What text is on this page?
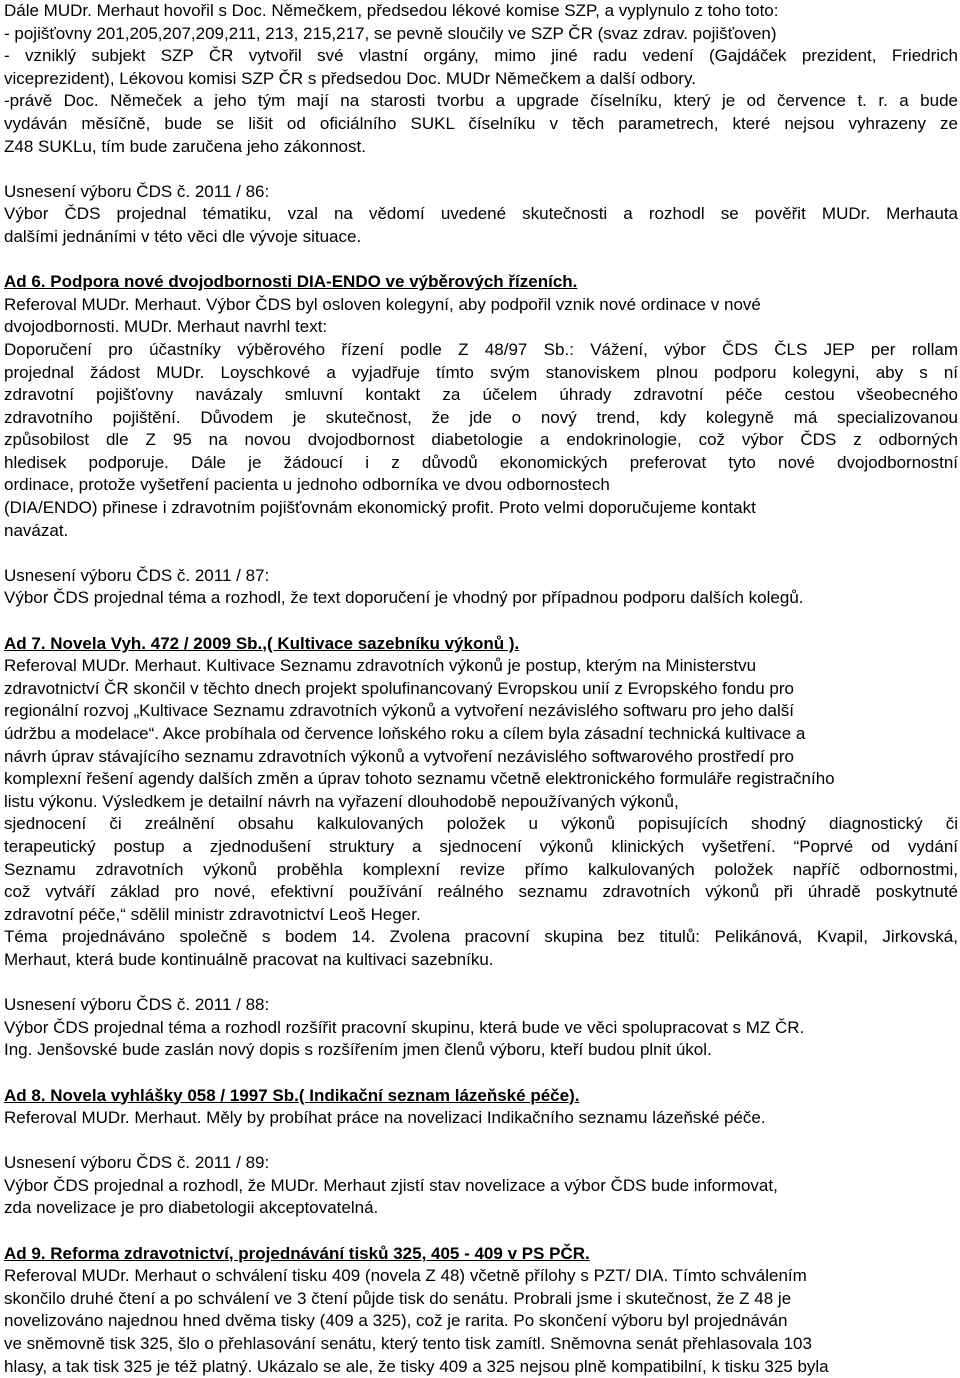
Dále MUDr. Merhaut hovořil s Doc. Němečkem, předsedou lékové komise SZP, a vyplynulo z toho toto:
- pojišťovny 201,205,207,209,211, 213, 215,217, se pevně sloučily ve SZP ČR (svaz zdrav. pojišťoven)
- vzniklý subjekt SZP ČR vytvořil své vlastní orgány, mimo jiné radu vedení (Gajdáček prezident, Friedrich
viceprezident), Lékovou komisi SZP ČR s předsedou Doc. MUDr Němečkem a další odbory.
-právě Doc. Němeček a jeho tým mají na starosti tvorbu a upgrade číselníku, který je od července t. r. a bude
vydáván měsíčně, bude se lišit od oficiálního SUKL číselníku v těch parametrech, které nejsou vyhrazeny ze
Z48 SUKLu, tím bude zaručena jeho zákonnost.
Usnesení výboru ČDS č. 2011 / 86:
Výbor ČDS projednal tématiku, vzal na vědomí uvedené skutečnosti a rozhodl se pověřit MUDr. Merhauta
dalšími jednáními v této věci dle vývoje situace.
Ad 6. Podpora nové dvojodbornosti DIA-ENDO ve výběrových řízeních.
Referoval MUDr. Merhaut. Výbor ČDS byl osloven kolegyní, aby podpořil vznik nové ordinace v nové
dvojodbornosti. MUDr. Merhaut navrhl text:
Doporučení pro účastníky výběrového řízení podle Z 48/97 Sb.: Vážení, výbor ČDS ČLS JEP per rollam
projednal žádost MUDr. Loyschkové a vyjadřuje tímto svým stanoviskem plnou podporu kolegyni, aby s ní
zdravotní pojišťovny navázaly smluvní kontakt za účelem úhrady zdravotní péče cestou všeobecného
zdravotního pojištění. Důvodem je skutečnost, že jde o nový trend, kdy kolegyně má specializovanou
způsobilost dle Z 95 na novou dvojodbornost diabetologie a endokrinologie, což výbor ČDS z odborných
hledisek podporuje. Dále je žádoucí i z důvodů ekonomických preferovat tyto nové dvojodbornostní
ordinace, protože vyšetření pacienta u jednoho odborníka ve dvou odbornostech
(DIA/ENDO) přinese i zdravotním pojišťovnám ekonomický profit. Proto velmi doporučujeme kontakt
navázat.
Usnesení výboru ČDS č. 2011 / 87:
Výbor ČDS projednal téma a rozhodl, že text doporučení je vhodný por případnou podporu dalších kolegů.
Ad 7. Novela Vyh. 472 / 2009 Sb.,( Kultivace sazebníku výkonů ).
Referoval MUDr. Merhaut. Kultivace Seznamu zdravotních výkonů je postup, kterým na Ministerstvu
zdravotnictví ČR skončil v těchto dnech projekt spolufinancovaný Evropskou unií z Evropského fondu pro
regionální rozvoj „Kultivace Seznamu zdravotních výkonů a vytvoření nezávislého softwaru pro jeho další
údržbu a modelace“. Akce probíhala od července loňského roku a cílem byla zásadní technická kultivace a
návrh úprav stávajícího seznamu zdravotních výkonů a vytvoření nezávislého softwarového prostředí pro
komplexní řešení agendy dalších změn a úprav tohoto seznamu včetně elektronického formuláře registračního
listu výkonu. Výsledkem je detailní návrh na vyřazení dlouhodobě nepoužívaných výkonů,
sjednocení či zreálnění obsahu kalkulovaných položek u výkonů popisujících shodný diagnostický či
terapeutický postup a zjednodušení struktury a sjednocení výkonů klinických vyšetření. “Poprvé od vydání
Seznamu zdravotních výkonů proběhla komplexní revize přímo kalkulovaných položek napříč odbornostmi,
což vytváří základ pro nové, efektivní používání reálného seznamu zdravotních výkonů při úhradě poskytnuté
zdravotní péče,“ sdělil ministr zdravotnictví Leoš Heger.
Téma projednáváno společně s bodem 14. Zvolena pracovní skupina bez titulů: Pelikánová, Kvapil, Jirkovská,
Merhaut, která bude kontinuálně pracovat na kultivaci sazebníku.
Usnesení výboru ČDS č. 2011 / 88:
Výbor ČDS projednal téma a rozhodl rozšířit pracovní skupinu, která bude ve věci spolupracovat s MZ ČR.
Ing. Jenšovské bude zaslán nový dopis s rozšířením jmen členů výboru, kteří budou plnit úkol.
Ad 8. Novela vyhlášky 058 / 1997 Sb.( Indikační seznam lázeňské péče).
Referoval MUDr. Merhaut. Měly by probíhat práce na novelizaci Indikačního seznamu lázeňské péče.
Usnesení výboru ČDS č. 2011 / 89:
Výbor ČDS projednal a rozhodl, že MUDr. Merhaut zjistí stav novelizace a výbor ČDS bude informovat,
zda novelizace je pro diabetologii akceptovatelná.
Ad 9. Reforma zdravotnictví, projednávání tisků 325, 405 - 409 v PS PČR.
Referoval MUDr. Merhaut o schválení tisku 409 (novela Z 48) včetně přílohy s PZT/ DIA. Tímto schválením
skončilo druhé čtení a po schválení ve 3 čtení půjde tisk do senátu. Probrali jsme i skutečnost, že Z 48 je
novelizováno najednou hned dvěma tisky (409 a 325), což je rarita. Po skončení výboru byl projednáván
ve sněmovně tisk 325, šlo o přehlasování senátu, který tento tisk zamítl. Sněmovna senát přehlasovala 103
hlasy, a tak tisk 325 je též platný. Ukázalo se ale, že tisky 409 a 325 nejsou plně kompatibilní, k tisku 325 byla
